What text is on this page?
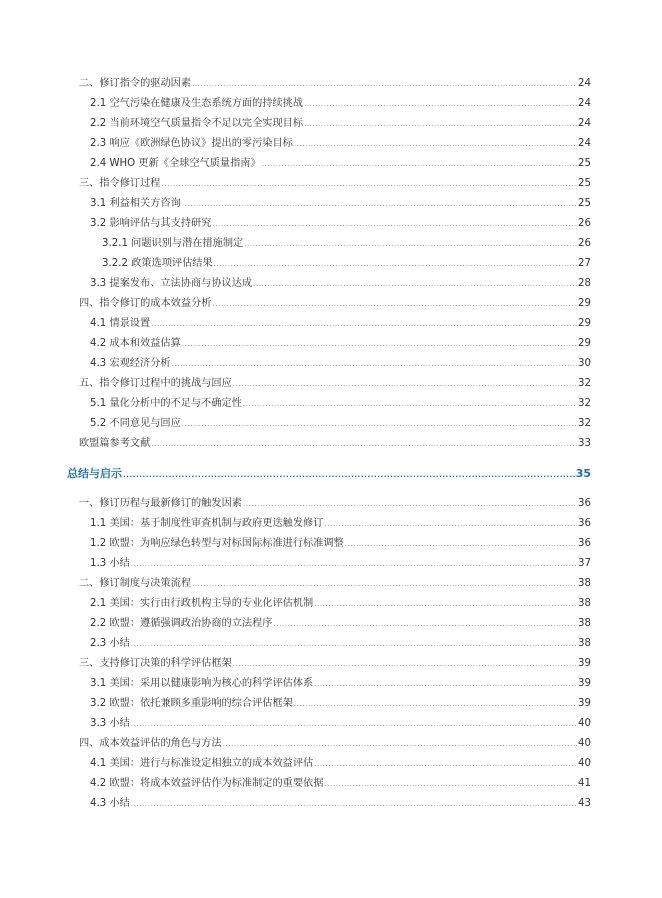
二、修订指令的驱动因素 .....	24
2.1 空气污染在健康及生态系统方面的持续挑战 .....	24
2.2 当前环境空气质量指令不足以完全实现目标 .....	24
2.3 响应《欧洲绿色协议》提出的零污染目标 .....	24
2.4 WHO 更新《全球空气质量指南》 .....	25
三、指令修订过程 .....	25
3.1 利益相关方咨询 .....	25
3.2 影响评估与其支持研究 .....	26
3.2.1 问题识别与潜在措施制定 .....	26
3.2.2 政策选项评估结果 .....	27
3.3 提案发布、立法协商与协议达成 .....	28
四、指令修订的成本效益分析 .....	29
4.1 情景设置 .....	29
4.2 成本和效益估算 .....	29
4.3 宏观经济分析 .....	30
五、指令修订过程中的挑战与回应 .....	32
5.1 量化分析中的不足与不确定性 .....	32
5.2 不同意见与回应 .....	32
欧盟篇参考文献 .....	33
总结与启示 .....	35
一、修订历程与最新修订的触发因素 .....	36
1.1 美国：基于制度性审查机制与政府更迭触发修订 .....	36
1.2 欧盟：为响应绿色转型与对标国际标准进行标准调整 .....	36
1.3 小结 .....	37
二、修订制度与决策流程 .....	38
2.1 美国：实行由行政机构主导的专业化评估机制 .....	38
2.2 欧盟：遵循强调政治协商的立法程序 .....	38
2.3 小结 .....	38
三、支持修订决策的科学评估框架 .....	39
3.1 美国：采用以健康影响为核心的科学评估体系 .....	39
3.2 欧盟：依托兼顾多重影响的综合评估框架 .....	39
3.3 小结 .....	40
四、成本效益评估的角色与方法 .....	40
4.1 美国：进行与标准设定相独立的成本效益评估 .....	40
4.2 欧盟：将成本效益评估作为标准制定的重要依据 .....	41
4.3 小结 .....	43
